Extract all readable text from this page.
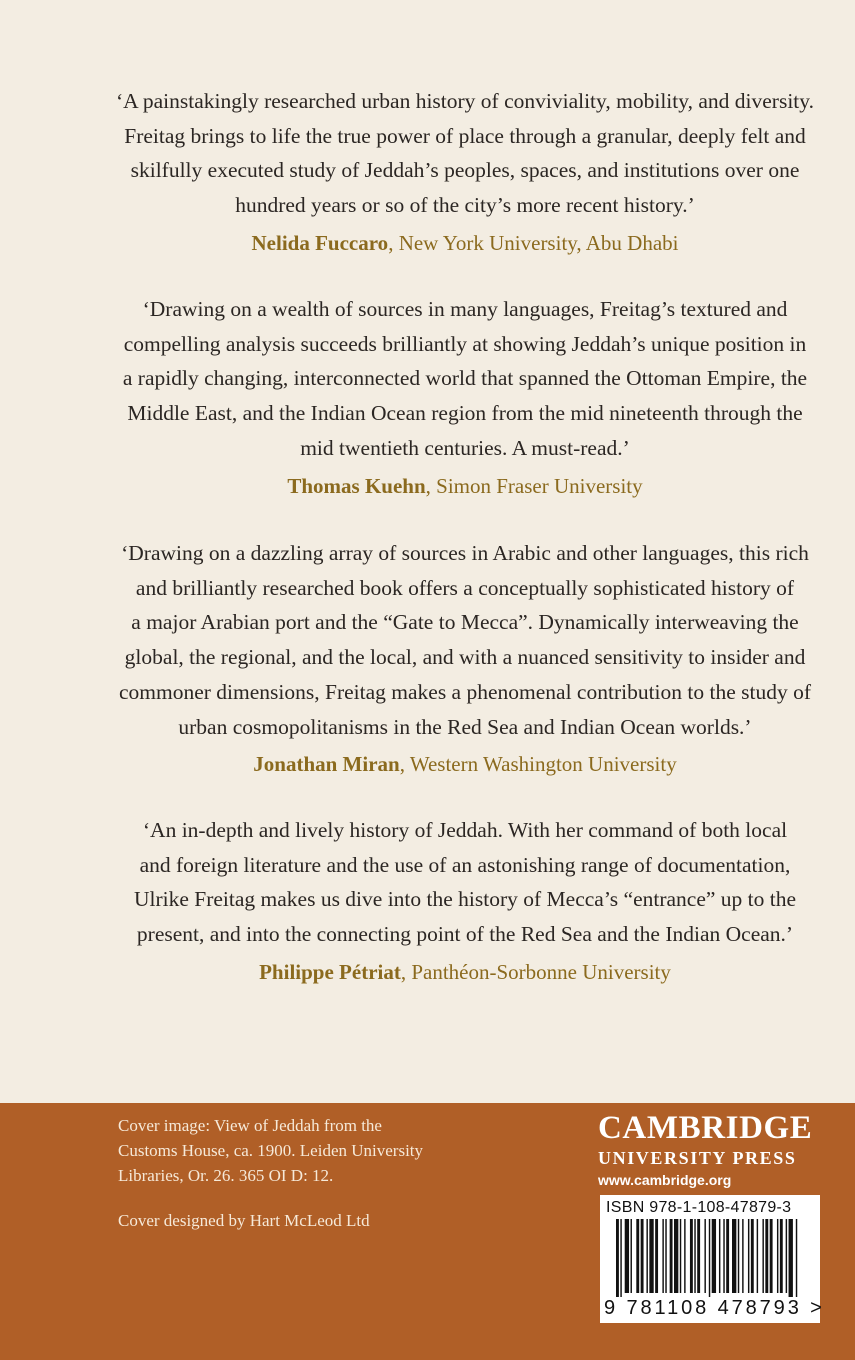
‘A painstakingly researched urban history of conviviality, mobility, and diversity.
Freitag brings to life the true power of place through a granular, deeply felt and
skilfully executed study of Jeddah’s peoples, spaces, and institutions over one
hundred years or so of the city’s more recent history.’

Nelida Fuccaro, New York University, Abu Dhabi

‘Drawing on a wealth of sources in many languages, Freitag’s textured and
compelling analysis succeeds brilliantly at showing Jeddah’s unique position in
a rapidly changing, interconnected world that spanned the Ottoman Empire, the
Middle East, and the Indian Ocean region from the mid nineteenth through the
mid twentieth centuries. A must-read.’

Thomas Kuehn, Simon Fraser University

‘Drawing on a dazzling array of sources in Arabic and other languages, this rich
and brilliantly researched book offers a conceptually sophisticated history of
a major Arabian port and the “Gate to Mecca”. Dynamically interweaving the
global, the regional, and the local, and with a nuanced sensitivity to insider and
commoner dimensions, Freitag makes a phenomenal contribution to the study of
urban cosmopolitanisms in the Red Sea and Indian Ocean worlds.’

Jonathan Miran, Western Washington University

‘An in-depth and lively history of Jeddah. With her command of both local
and foreign literature and the use of an astonishing range of documentation,
Ulrike Freitag makes us dive into the history of Mecca’s “entrance” up to the
present, and into the connecting point of the Red Sea and the Indian Ocean.’

Philippe Pétriat, Panthéon-Sorbonne University

Cover image: View of Jeddah from the
Customs House, ca. 1900. Leiden University
Libraries, Or. 26. 365 OI D: 12.

Cover designed by Hart McLeod Ltd

CAMBRIDGE
UNIVERSITY PRESS
www.cambridge.org
ISBN 978-1-108-47879-3
9 781108 478793 >
